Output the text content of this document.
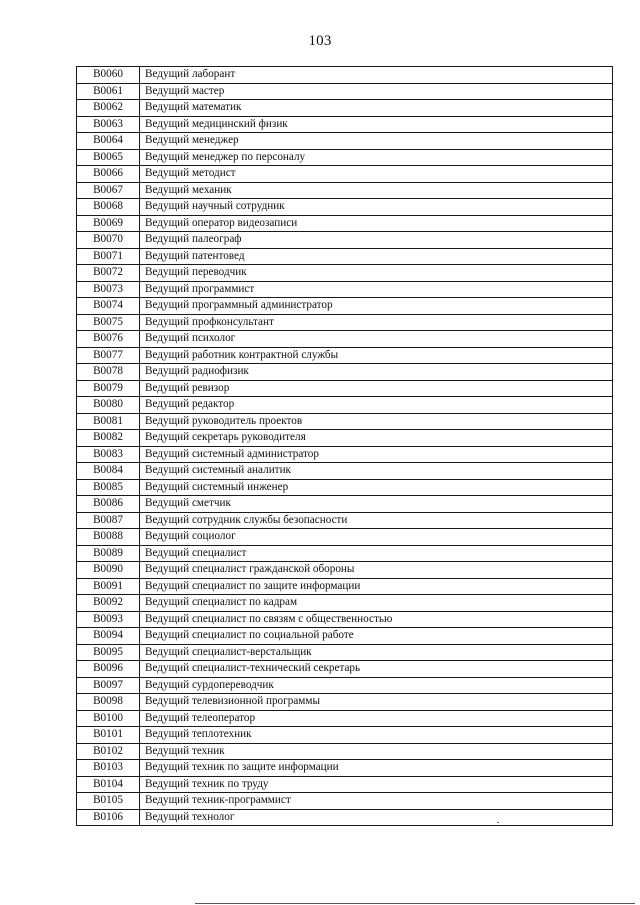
103
B0060	Ведущий лаборант
B0061	Ведущий мастер
B0062	Ведущий математик
B0063	Ведущий медицинский физик
B0064	Ведущий менеджер
B0065	Ведущий менеджер по персоналу
B0066	Ведущий методист
B0067	Ведущий механик
B0068	Ведущий научный сотрудник
B0069	Ведущий оператор видеозаписи
B0070	Ведущий палеограф
B0071	Ведущий патентовед
B0072	Ведущий переводчик
B0073	Ведущий программист
B0074	Ведущий программный администратор
B0075	Ведущий профконсультант
B0076	Ведущий психолог
B0077	Ведущий работник контрактной службы
B0078	Ведущий радиофизик
B0079	Ведущий ревизор
B0080	Ведущий редактор
B0081	Ведущий руководитель проектов
B0082	Ведущий секретарь руководителя
B0083	Ведущий системный администратор
B0084	Ведущий системный аналитик
B0085	Ведущий системный инженер
B0086	Ведущий сметчик
B0087	Ведущий сотрудник службы безопасности
B0088	Ведущий социолог
B0089	Ведущий специалист
B0090	Ведущий специалист гражданской обороны
B0091	Ведущий специалист по защите информации
B0092	Ведущий специалист по кадрам
B0093	Ведущий специалист по связям с общественностью
B0094	Ведущий специалист по социальной работе
B0095	Ведущий специалист-верстальщик
B0096	Ведущий специалист-технический секретарь
B0097	Ведущий сурдопереводчик
B0098	Ведущий телевизионной программы
B0100	Ведущий телеоператор
B0101	Ведущий теплотехник
B0102	Ведущий техник
B0103	Ведущий техник по защите информации
B0104	Ведущий техник по труду
B0105	Ведущий техник-программист
B0106	Ведущий технолог
